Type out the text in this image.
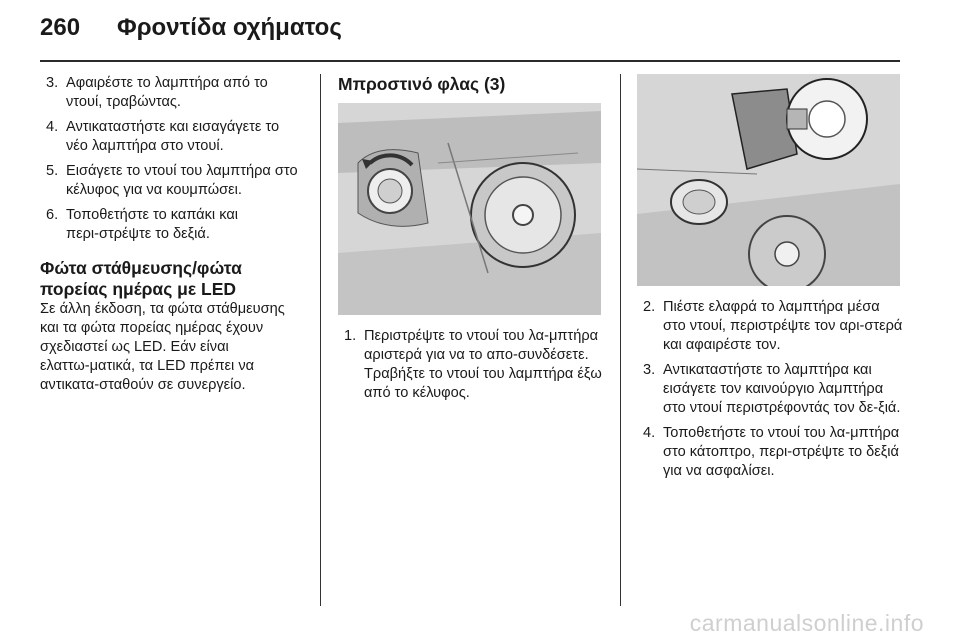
260 Φροντίδα οχήματος
3. Αφαιρέστε το λαμπτήρα από το ντουί, τραβώντας.
4. Αντικαταστήστε και εισαγάγετε το νέο λαμπτήρα στο ντουί.
5. Εισάγετε το ντουί του λαμπτήρα στο κέλυφος για να κουμπώσει.
6. Τοποθετήστε το καπάκι και περι‑στρέψτε το δεξιά.
Φώτα στάθμευσης/φώτα πορείας ημέρας με LED

Σε άλλη έκδοση, τα φώτα στάθμευσης και τα φώτα πορείας ημέρας έχουν σχεδιαστεί ως LED. Εάν είναι ελαττω‑ματικά, τα LED πρέπει να αντικατα‑σταθούν σε συνεργείο.

Μπροστινό φλας (3)
1. Περιστρέψτε το ντουί του λα‑μπτήρα αριστερά για να το απο‑συνδέσετε. Τραβήξτε το ντουί του λαμπτήρα έξω από το κέλυφος.
2. Πιέστε ελαφρά το λαμπτήρα μέσα στο ντουί, περιστρέψτε τον αρι‑στερά και αφαιρέστε τον.
3. Αντικαταστήστε το λαμπτήρα και εισάγετε τον καινούργιο λαμπτήρα στο ντουί περιστρέφοντάς τον δε‑ξιά.
4. Τοποθετήστε το ντουί του λα‑μπτήρα στο κάτοπτρο, περι‑στρέψτε το δεξιά για να ασφαλίσει.
carmanualsonline.info
